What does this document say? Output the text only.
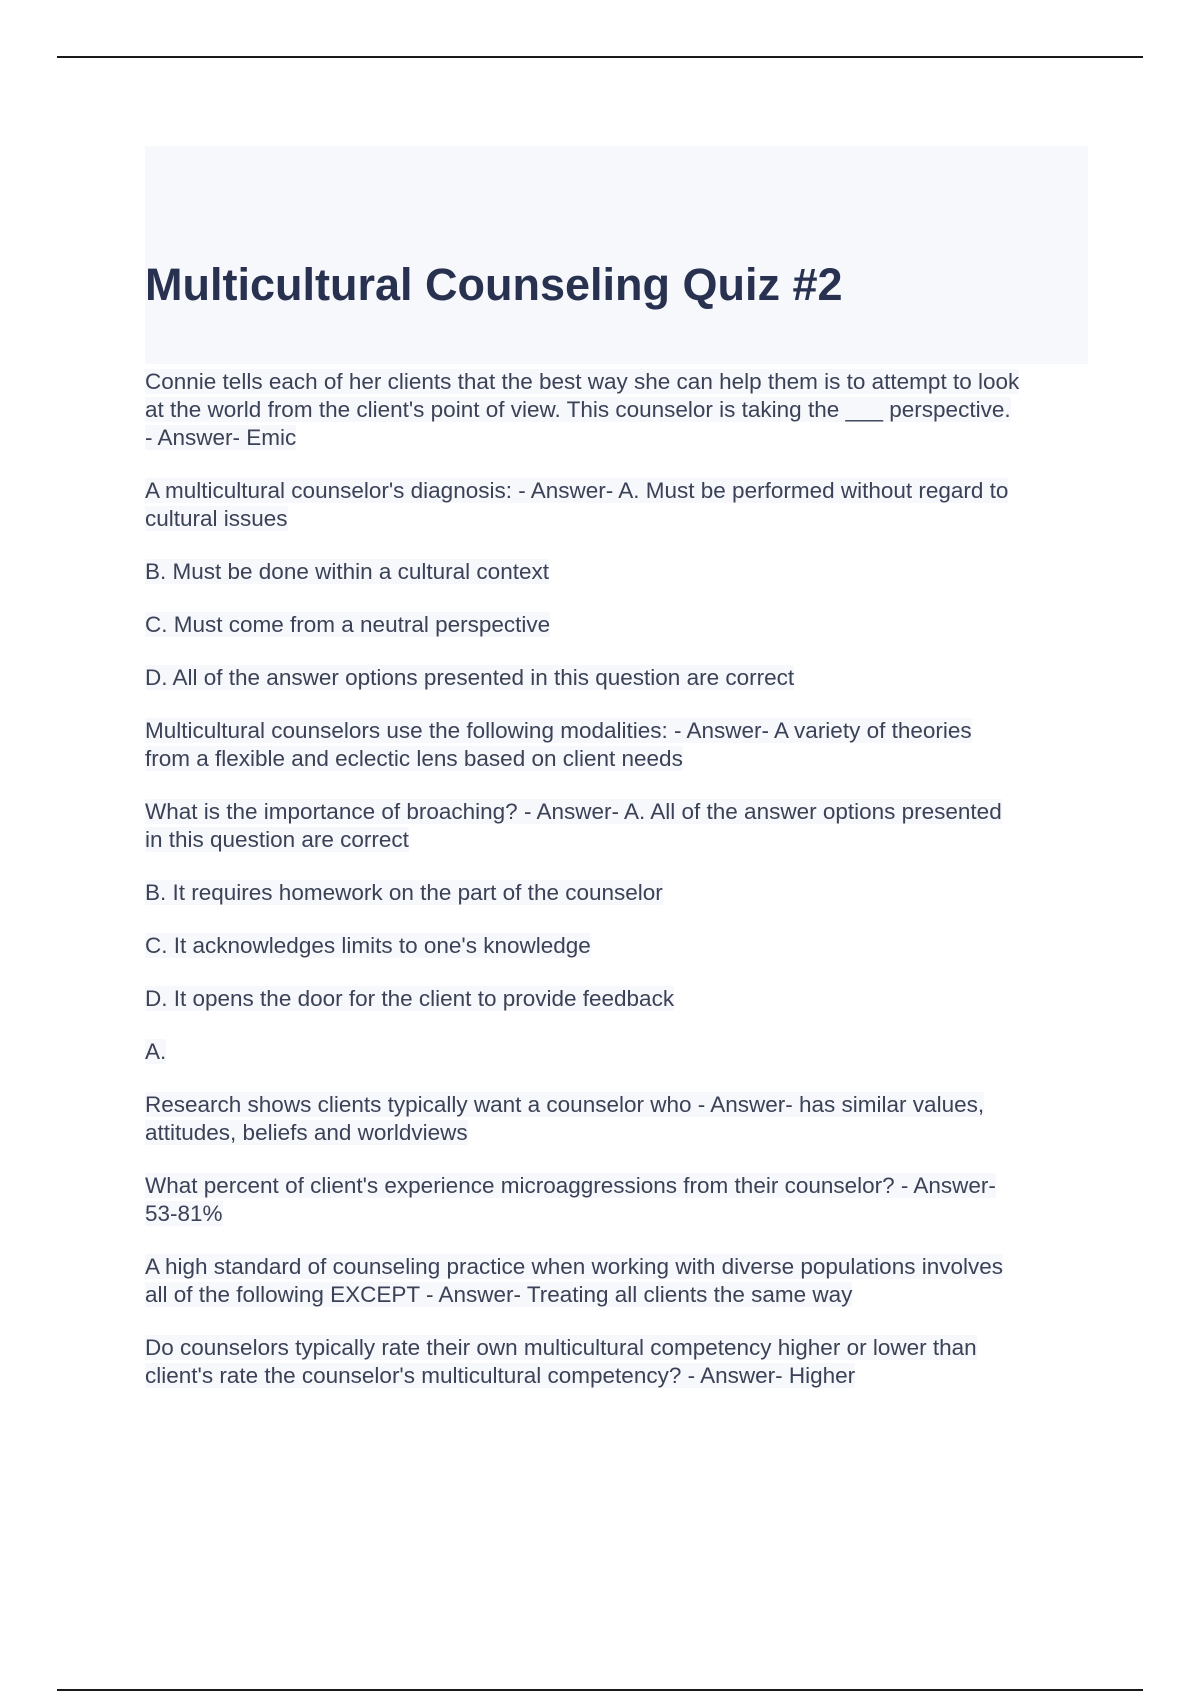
Multicultural Counseling Quiz #2

Connie tells each of her clients that the best way she can help them is to attempt to look
at the world from the client's point of view. This counselor is taking the ___ perspective.
- Answer- Emic

A multicultural counselor's diagnosis: - Answer- A. Must be performed without regard to
cultural issues

B. Must be done within a cultural context

C. Must come from a neutral perspective

D. All of the answer options presented in this question are correct

Multicultural counselors use the following modalities: - Answer- A variety of theories
from a flexible and eclectic lens based on client needs

What is the importance of broaching? - Answer- A. All of the answer options presented
in this question are correct

B. It requires homework on the part of the counselor

C. It acknowledges limits to one's knowledge

D. It opens the door for the client to provide feedback

A.

Research shows clients typically want a counselor who - Answer- has similar values,
attitudes, beliefs and worldviews

What percent of client's experience microaggressions from their counselor? - Answer-
53-81%

A high standard of counseling practice when working with diverse populations involves
all of the following EXCEPT - Answer- Treating all clients the same way

Do counselors typically rate their own multicultural competency higher or lower than
client's rate the counselor's multicultural competency? - Answer- Higher
